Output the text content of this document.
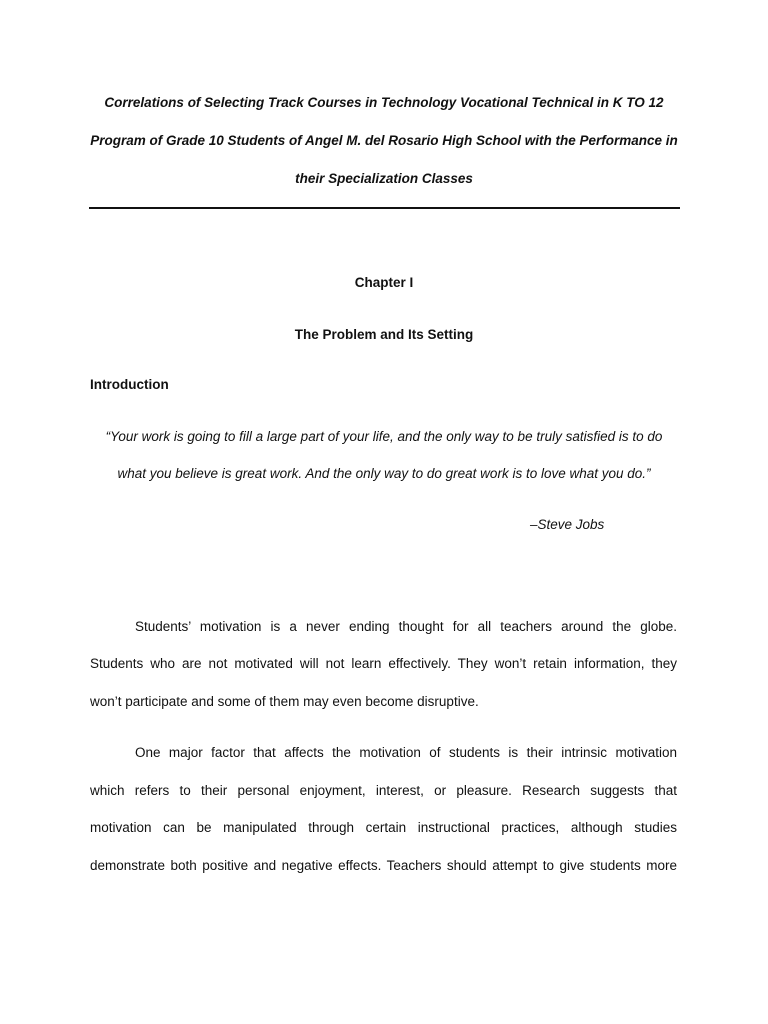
Correlations of Selecting Track Courses in Technology Vocational Technical in K TO 12
Program of Grade 10 Students of Angel M. del Rosario High School with the Performance in
their Specialization Classes
Chapter I
The Problem and Its Setting
Introduction
“Your work is going to fill a large part of your life, and the only way to be truly satisfied is to do
what you believe is great work. And the only way to do great work is to love what you do.”
–Steve Jobs
Students’ motivation is a never ending thought for all teachers around the globe.
Students who are not motivated will not learn effectively. They won’t retain information, they
won’t participate and some of them may even become disruptive.
One major factor that affects the motivation of students is their intrinsic motivation
which refers to their personal enjoyment, interest, or pleasure. Research suggests that
motivation can be manipulated through certain instructional practices, although studies
demonstrate both positive and negative effects. Teachers should attempt to give students more
